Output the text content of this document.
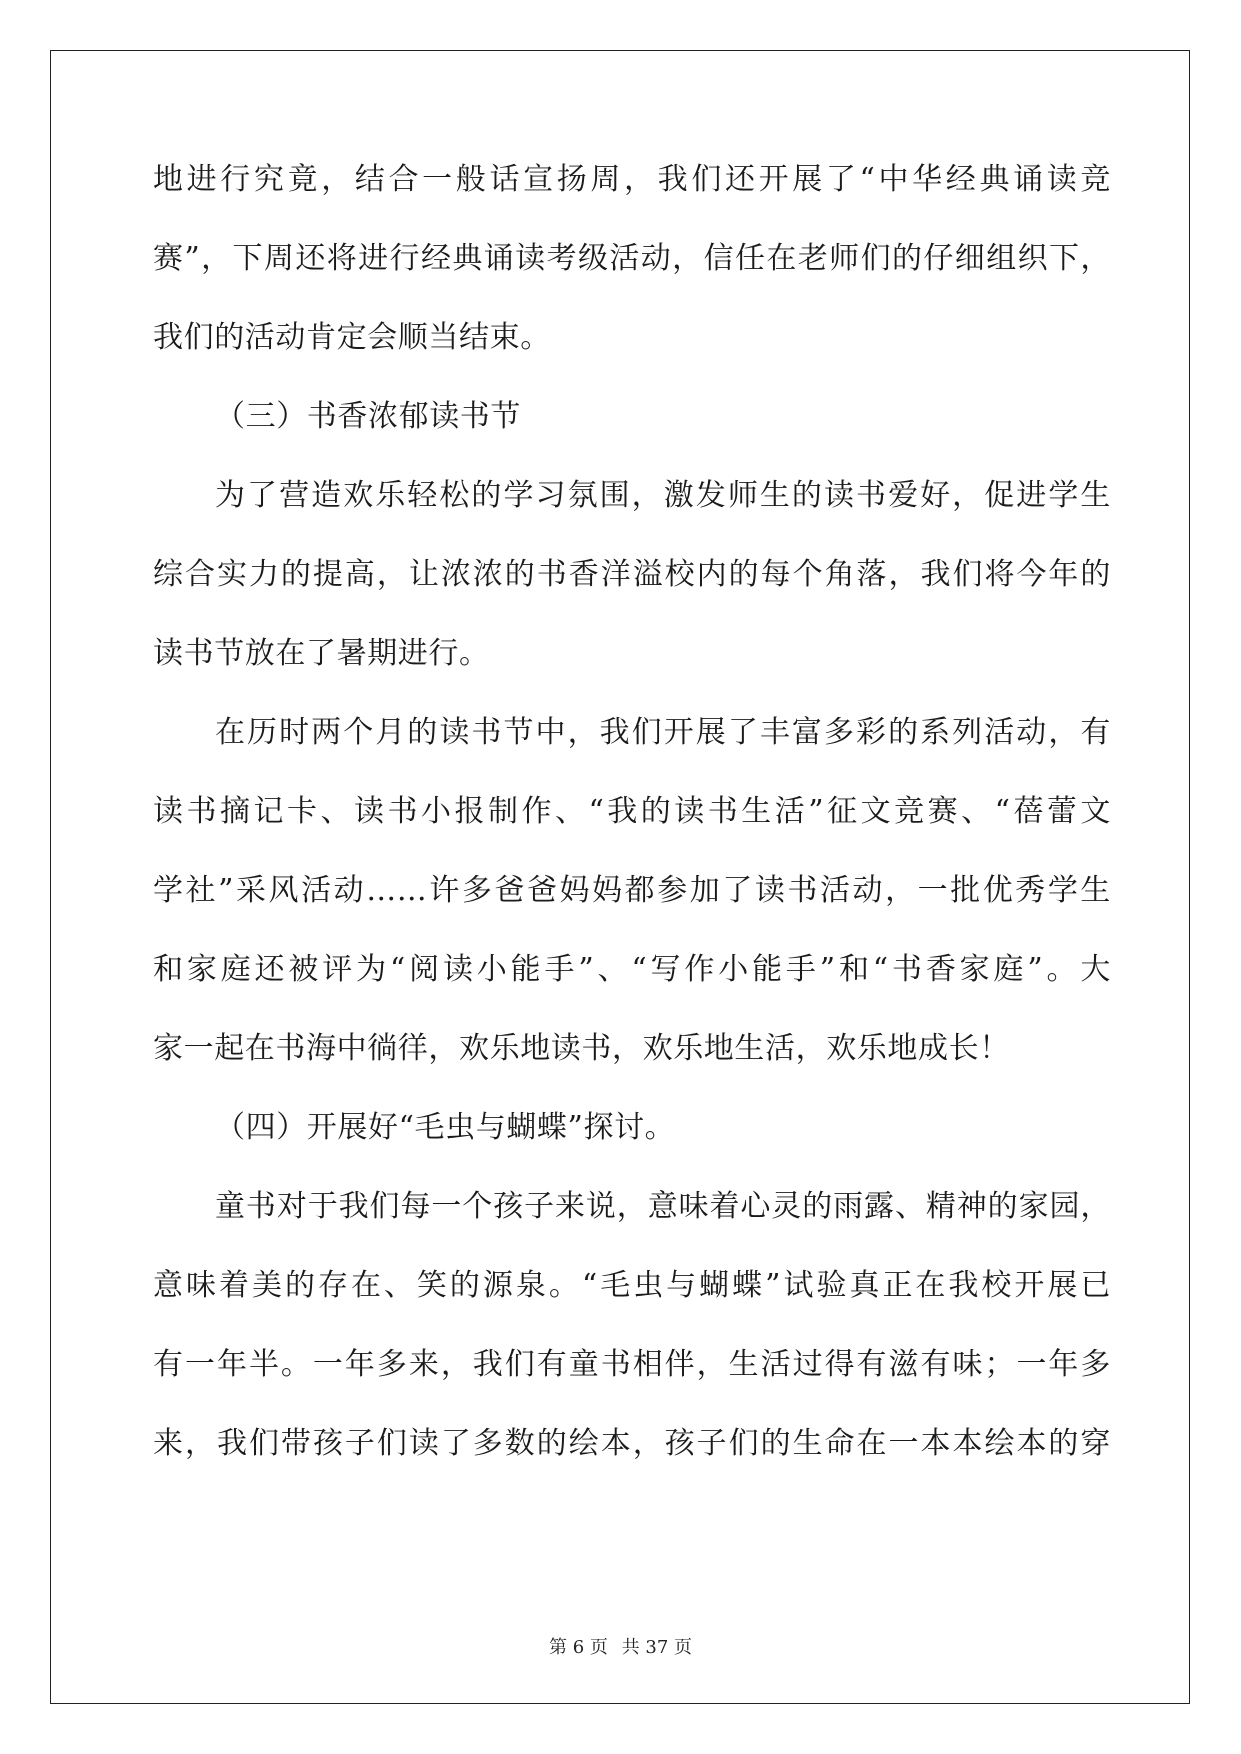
地进行究竟，结合一般话宣扬周，我们还开展了“中华经典诵读竞
赛”，下周还将进行经典诵读考级活动，信任在老师们的仔细组织下，
我们的活动肯定会顺当结束。
（三）书香浓郁读书节
为了营造欢乐轻松的学习氛围，激发师生的读书爱好，促进学生
综合实力的提高，让浓浓的书香洋溢校内的每个角落，我们将今年的
读书节放在了暑期进行。
在历时两个月的读书节中，我们开展了丰富多彩的系列活动，有
读书摘记卡、读书小报制作、“我的读书生活”征文竞赛、“蓓蕾文
学社”采风活动……许多爸爸妈妈都参加了读书活动，一批优秀学生
和家庭还被评为“阅读小能手”、“写作小能手”和“书香家庭”。大
家一起在书海中徜徉，欢乐地读书，欢乐地生活，欢乐地成长！
（四）开展好“毛虫与蝴蝶”探讨。
童书对于我们每一个孩子来说，意味着心灵的雨露、精神的家园，
意味着美的存在、笑的源泉。“毛虫与蝴蝶”试验真正在我校开展已
有一年半。一年多来，我们有童书相伴，生活过得有滋有味；一年多
来，我们带孩子们读了多数的绘本，孩子们的生命在一本本绘本的穿
第 6 页 共 37 页
